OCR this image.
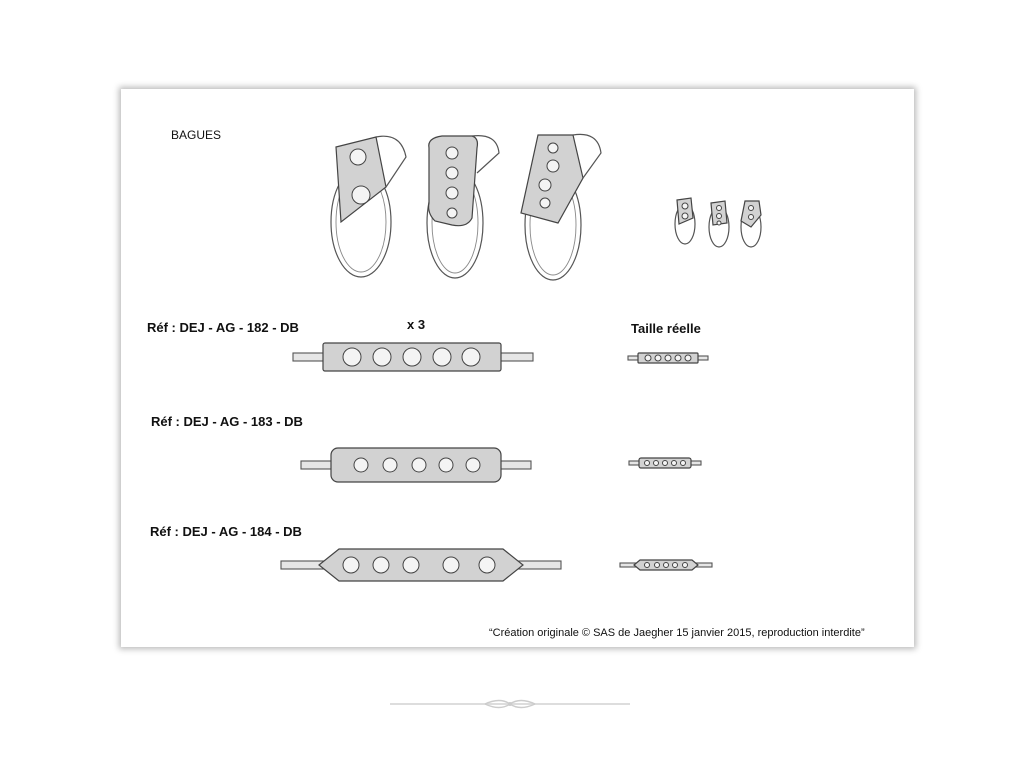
BAGUES
Réf : DEJ - AG - 182 - DB	x 3	Taille réelle
Réf : DEJ - AG - 183 - DB
Réf : DEJ - AG - 184 - DB
“Création originale © SAS de Jaegher 15 janvier 2015, reproduction interdite”
